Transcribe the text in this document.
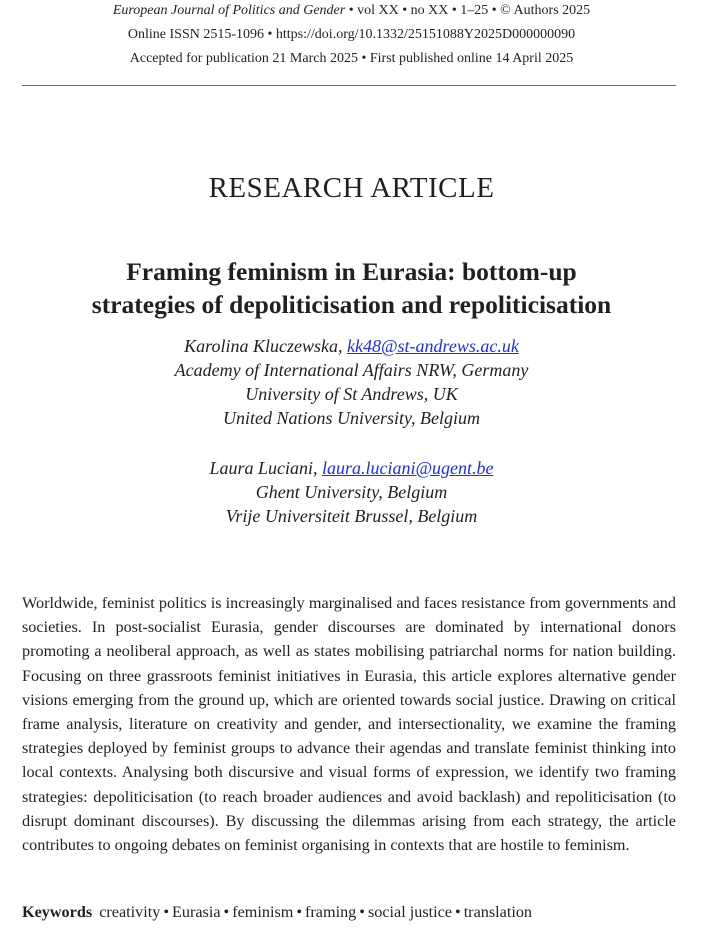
European Journal of Politics and Gender • vol XX • no XX • 1–25 • © Authors 2025
Online ISSN 2515-1096 • https://doi.org/10.1332/25151088Y2025D000000090
Accepted for publication 21 March 2025 • First published online 14 April 2025
RESEARCH ARTICLE
Framing feminism in Eurasia: bottom-up
strategies of depoliticisation and repoliticisation
Karolina Kluczewska, kk48@st-andrews.ac.uk
Academy of International Affairs NRW, Germany
University of St Andrews, UK
United Nations University, Belgium
Laura Luciani, laura.luciani@ugent.be
Ghent University, Belgium
Vrije Universiteit Brussel, Belgium

Worldwide, feminist politics is increasingly marginalised and faces resistance from governments and societies. In post-socialist Eurasia, gender discourses are dominated by international donors promoting a neoliberal approach, as well as states mobilising patriarchal norms for nation building. Focusing on three grassroots feminist initiatives in Eurasia, this article explores alternative gender visions emerging from the ground up, which are oriented towards social justice. Drawing on critical frame analysis, literature on creativity and gender, and intersectionality, we examine the framing strategies deployed by feminist groups to advance their agendas and translate feminist thinking into local contexts. Analysing both discursive and visual forms of expression, we identify two framing strategies: depoliticisation (to reach broader audiences and avoid backlash) and repoliticisation (to disrupt dominant discourses). By discussing the dilemmas arising from each strategy, the article contributes to ongoing debates on feminist organising in contexts that are hostile to feminism.

Keywords creativity • Eurasia • feminism • framing • social justice • translation
